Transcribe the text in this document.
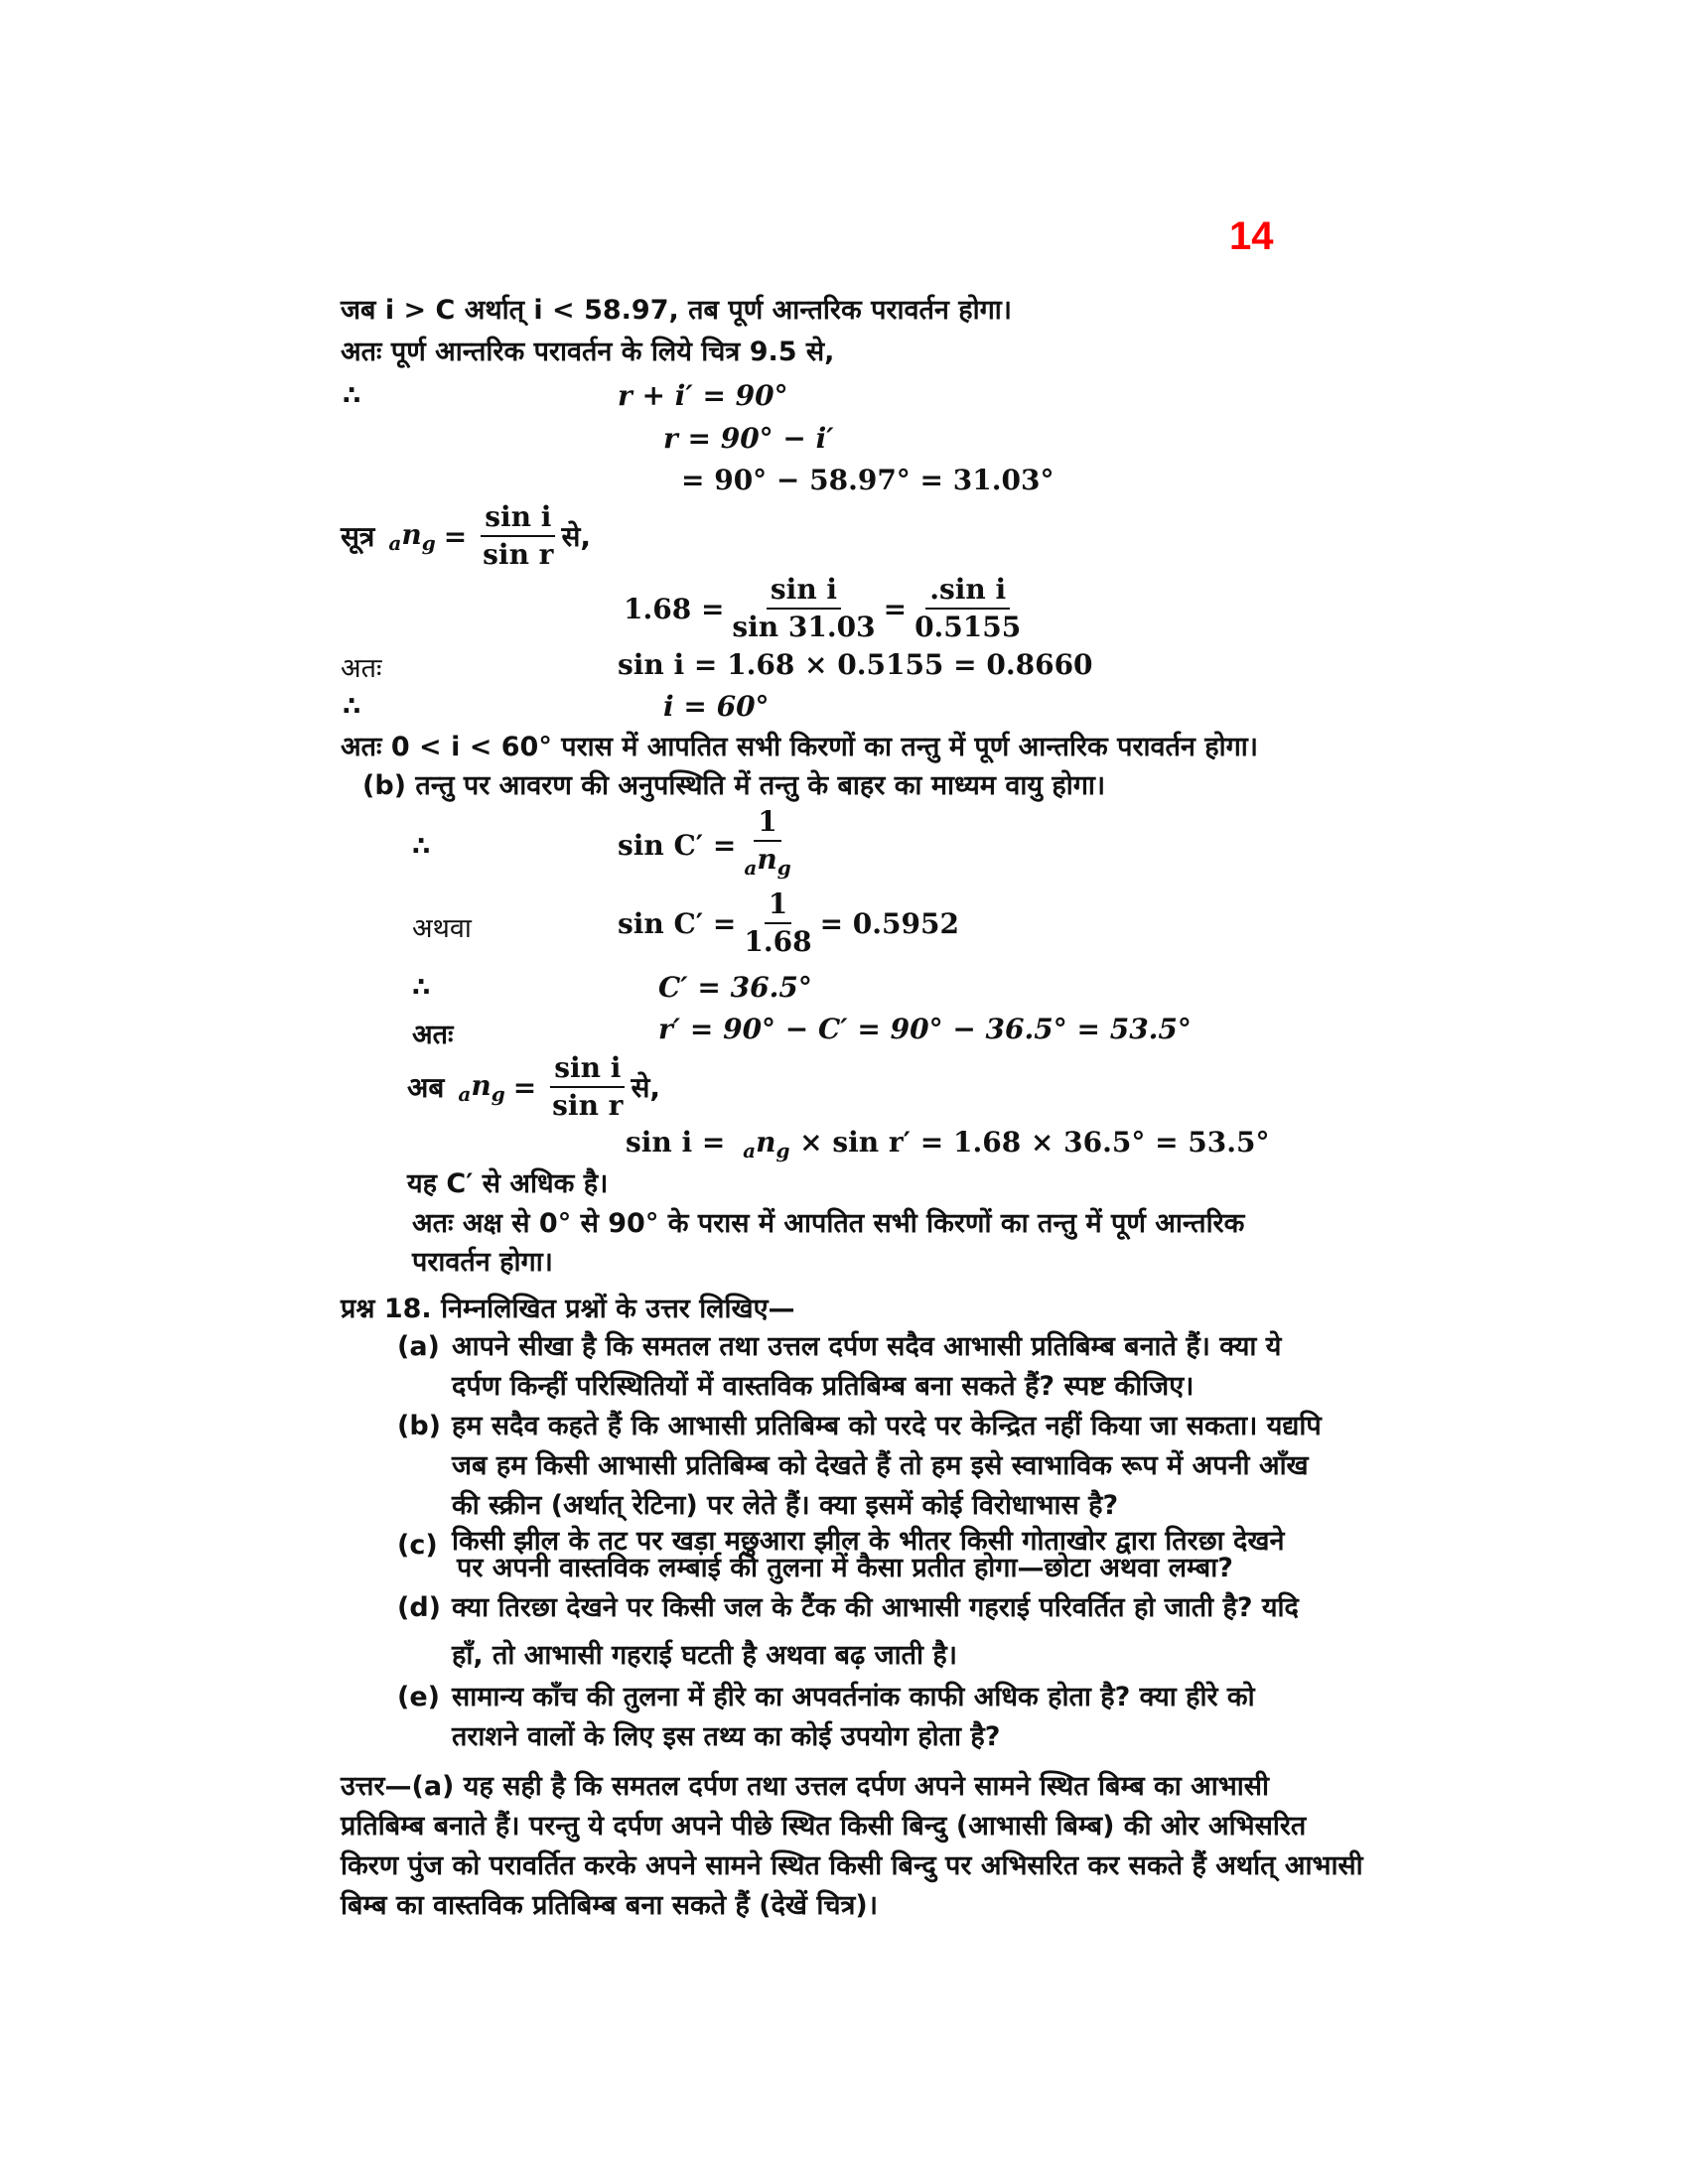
14
जब i > C अर्थात् i < 58.97, तब पूर्ण आन्तरिक परावर्तन होगा।
अतः पूर्ण आन्तरिक परावर्तन के लिये चित्र 9.5 से,
∴	r + i′ = 90°
r = 90° − i′
= 90° − 58.97° = 31.03°
सूत्र $_an_g = \frac{\text{sin i}}{\text{sin r}}$ से,
$1.68 = \frac{\text{sin i}}{\sin 31.03} = \frac{\text{.sin i}}{0.5155}$
अतः	sin i = 1.68 × 0.5155 = 0.8660
∴	i = 60°
अतः 0 < i < 60° परास में आपतित सभी किरणों का तन्तु में पूर्ण आन्तरिक परावर्तन होगा।
(b) तन्तु पर आवरण की अनुपस्थिति में तन्तु के बाहर का माध्यम वायु होगा।
∴	$\sin C' = \frac{1}{_an_g}$
अथवा	$\sin C' = \frac{1}{1.68} = 0.5952$
∴	C′ = 36.5°
अतः	r′ = 90° − C′ = 90° − 36.5° = 53.5°
अब $_an_g = \frac{\text{sin i}}{\text{sin r}}$ से,
$\sin i = _an_g \times \sin r' = 1.68 \times 36.5^\circ = 53.5^\circ$
यह C′ से अधिक है।
अतः अक्ष से 0° से 90° के परास में आपतित सभी किरणों का तन्तु में पूर्ण आन्तरिक
परावर्तन होगा।
प्रश्न 18. निम्नलिखित प्रश्नों के उत्तर लिखिए—
(a) आपने सीखा है कि समतल तथा उत्तल दर्पण सदैव आभासी प्रतिबिम्ब बनाते हैं। क्या ये
दर्पण किन्हीं परिस्थितियों में वास्तविक प्रतिबिम्ब बना सकते हैं? स्पष्ट कीजिए।
(b) हम सदैव कहते हैं कि आभासी प्रतिबिम्ब को परदे पर केन्द्रित नहीं किया जा सकता। यद्यपि
जब हम किसी आभासी प्रतिबिम्ब को देखते हैं तो हम इसे स्वाभाविक रूप में अपनी आँख
की स्क्रीन (अर्थात् रेटिना) पर लेते हैं। क्या इसमें कोई विरोधाभास है?
(c) किसी झील के तट पर खड़ा मछुआरा झील के भीतर किसी गोताखोर द्वारा तिरछा देखने
पर अपनी वास्तविक लम्बाई की तुलना में कैसा प्रतीत होगा—छोटा अथवा लम्बा?
(d) क्या तिरछा देखने पर किसी जल के टैंक की आभासी गहराई परिवर्तित हो जाती है? यदि
हाँ, तो आभासी गहराई घटती है अथवा बढ़ जाती है।
(e) सामान्य काँच की तुलना में हीरे का अपवर्तनांक काफी अधिक होता है? क्या हीरे को
तराशने वालों के लिए इस तथ्य का कोई उपयोग होता है?
उत्तर—(a) यह सही है कि समतल दर्पण तथा उत्तल दर्पण अपने सामने स्थित बिम्ब का आभासी
प्रतिबिम्ब बनाते हैं। परन्तु ये दर्पण अपने पीछे स्थित किसी बिन्दु (आभासी बिम्ब) की ओर अभिसरित
किरण पुंज को परावर्तित करके अपने सामने स्थित किसी बिन्दु पर अभिसरित कर सकते हैं अर्थात् आभासी
बिम्ब का वास्तविक प्रतिबिम्ब बना सकते हैं (देखें चित्र)।
